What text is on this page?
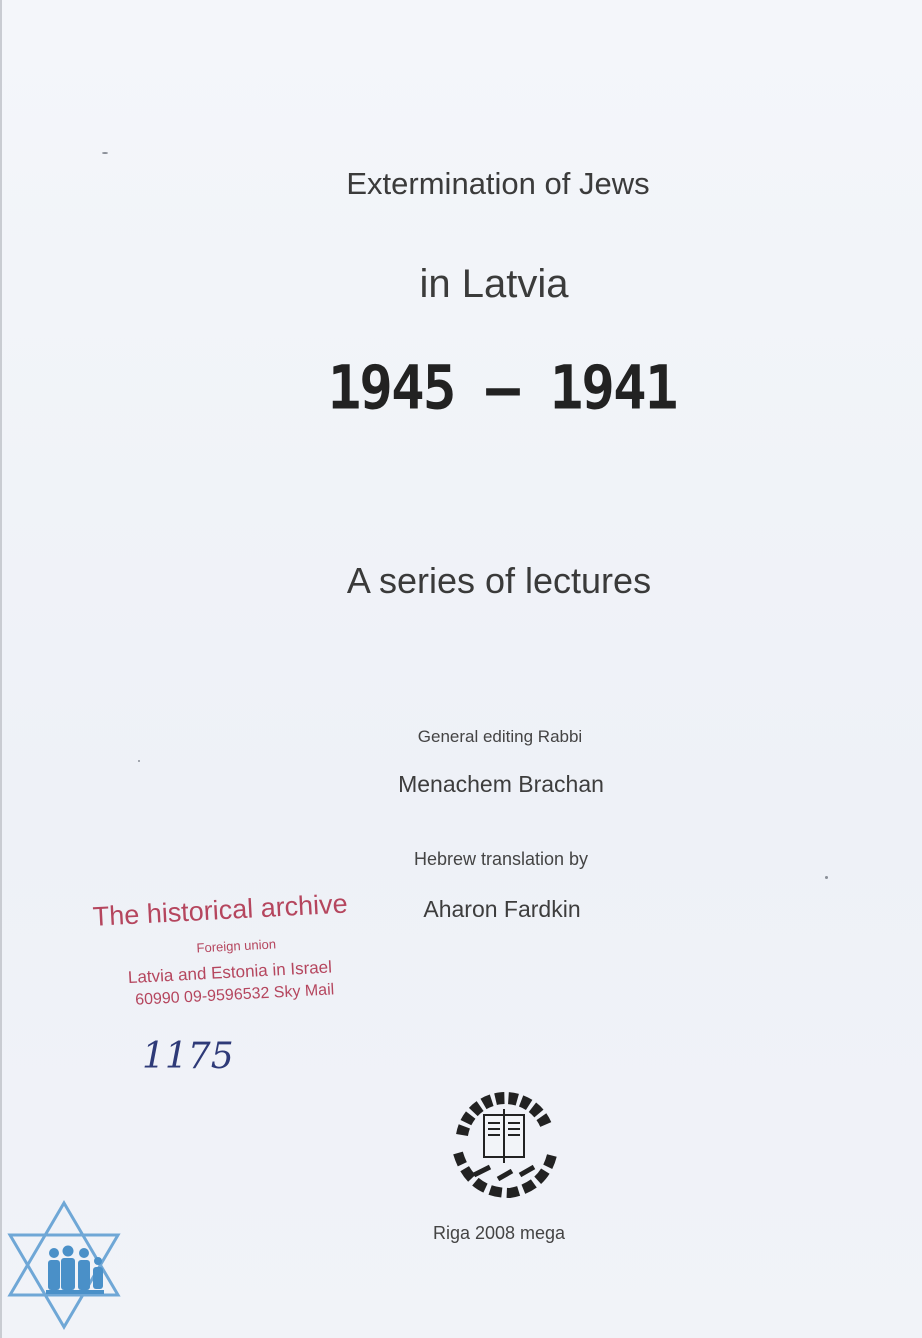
Extermination of Jews
in Latvia
1945 — 1941
A series of lectures
General editing Rabbi
Menachem Brachan
Hebrew translation by
Aharon Fardkin
The historical archive
Foreign union
Latvia and Estonia in Israel
60990 09-9596532 Sky Mail
1175
Riga 2008 mega
